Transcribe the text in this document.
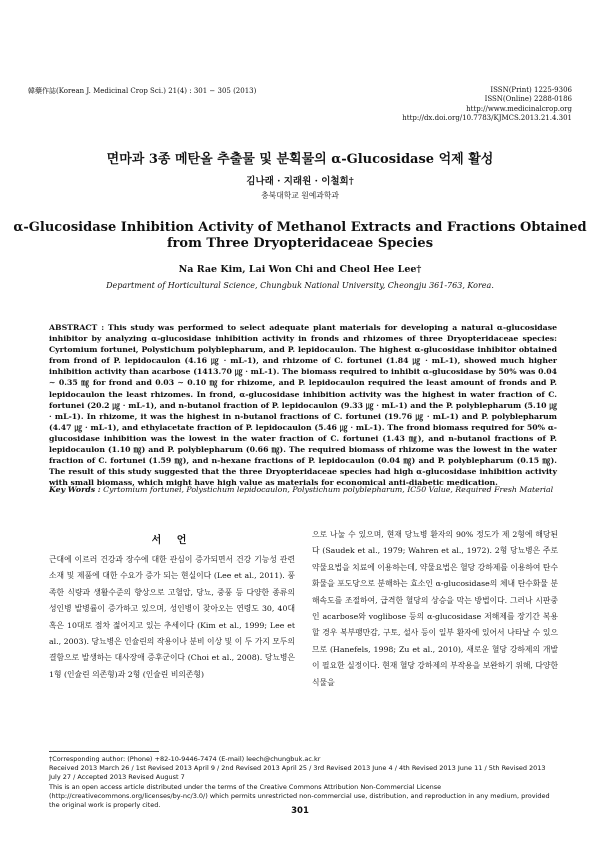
韓藥作誌(Korean J. Medicinal Crop Sci.) 21(4) : 301 − 305 (2013)	ISSN(Print) 1225-9306
ISSN(Online) 2288-0186
http://www.medicinalcrop.org
http://dx.doi.org/10.7783/KJMCS.2013.21.4.301
면마과 3종 메탄올 추출물 및 분획물의 α-Glucosidase 억제 활성
김나래 · 지래원 · 이철희†
충북대학교 원예과학과
α-Glucosidase Inhibition Activity of Methanol Extracts and Fractions Obtained
from Three Dryopteridaceae Species
Na Rae Kim, Lai Won Chi and Cheol Hee Lee†
Department of Horticultural Science, Chungbuk National University, Cheongju 361-763, Korea.

ABSTRACT : This study was performed to select adequate plant materials for developing a natural α-glucosidase inhibitor by analyzing α-glucosidase inhibition activity in fronds and rhizomes of three Dryopteridaceae species: Cyrtomium fortunei, Polystichum polyblepharum, and P. lepidocaulon. The highest α-glucosidase inhibitor obtained from frond of P. lepidocaulon (4.16 ㎍ · mL-1), and rhizome of C. fortunei (1.84 ㎍ · mL-1), showed much higher inhibition activity than acarbose (1413.70 ㎍ · mL-1). The biomass required to inhibit α-glucosidase by 50% was 0.04 ∼ 0.35 ㎎ for frond and 0.03 ∼ 0.10 ㎎ for rhizome, and P. lepidocaulon required the least amount of fronds and P. lepidocaulon the least rhizomes. In frond, α-glucosidase inhibition activity was the highest in water fraction of C. fortunei (20.2 ㎍ · mL-1), and n-butanol fraction of P. lepidocaulon (9.33 ㎍ · mL-1) and the P. polyblepharum (5.10 ㎍ · mL-1). In rhizome, it was the highest in n-butanol fractions of C. fortunei (19.76 ㎍ · mL-1) and P. polyblepharum (4.47 ㎍ · mL-1), and ethylacetate fraction of P. lepidocaulon (5.46 ㎍ · mL-1). The frond biomass required for 50% α-glucosidase inhibition was the lowest in the water fraction of C. fortunei (1.43 ㎎), and n-butanol fractions of P. lepidocaulon (1.10 ㎎) and P. polyblepharum (0.66 ㎎). The required biomass of rhizome was the lowest in the water fraction of C. fortunei (1.59 ㎎), and n-hexane fractions of P. lepidocaulon (0.04 ㎎) and P. polyblepharum (0.15 ㎎). The result of this study suggested that the three Dryopteridaceae species had high α-glucosidase inhibition activity with small biomass, which might have high value as materials for economical anti-diabetic medication.

Key Words : Cyrtomium fortunei, Polystichum lepidocaulon, Polystichum polyblepharum, IC50 Value, Required Fresh Material
서 언

근대에 이르러 건강과 장수에 대한 관심이 증가되면서 건강 기능성 관련 소재 및 제품에 대한 수요가 증가 되는 현실이다 (Lee et al., 2011). 풍족한 식량과 생활수준의 향상으로 고혈압, 당뇨, 중풍 등 다양한 종류의 성인병 발병률이 증가하고 있으며, 성인병이 찾아오는 연령도 30, 40대 혹은 10대로 점차 젊어지고 있는 추세이다 (Kim et al., 1999; Lee et al., 2003). 당뇨병은 인슐린의 작용이나 분비 이상 및 이 두 가지 모두의 결함으로 발생하는 대사장애 증후군이다 (Choi et al., 2008). 당뇨병은 1형 (인슐린 의존형)과 2형 (인슐린 비의존형)

으로 나눌 수 있으며, 현재 당뇨병 환자의 90% 정도가 제 2형에 해당된다 (Saudek et al., 1979; Wahren et al., 1972). 2형 당뇨병은 주로 약물요법을 치료에 이용하는데, 약물요법은 혈당 강하제를 이용하여 탄수화물을 포도당으로 분해하는 효소인 α-glucosidase의 체내 탄수화물 분해속도를 조절하여, 급격한 혈당의 상승을 막는 방법이다. 그러나 시판중인 acarbose와 voglibose 등의 α-glucosidase 저해제를 장기간 복용할 경우 복부팽만감, 구토, 설사 등이 일부 환자에 있어서 나타날 수 있으므로 (Hanefels, 1998; Zu et al., 2010), 새로운 혈당 강하제의 개발이 필요한 실정이다. 현재 혈당 강하제의 부작용을 보완하기 위해, 다양한 식물을

†Corresponding author: (Phone) +82-10-9446-7474 (E-mail) leech@chungbuk.ac.kr
Received 2013 March 26 / 1st Revised 2013 April 9 / 2nd Revised 2013 April 25 / 3rd Revised 2013 June 4 / 4th Revised 2013 June 11 / 5th Revised 2013 July 27 / Accepted 2013 Revised August 7
This is an open access article distributed under the terms of the Creative Commons Attribution Non-Commercial License (http://creativecommons.org/licenses/by-nc/3.0/) which permits unrestricted non-commercial use, distribution, and reproduction in any medium, provided the original work is properly cited.
301
